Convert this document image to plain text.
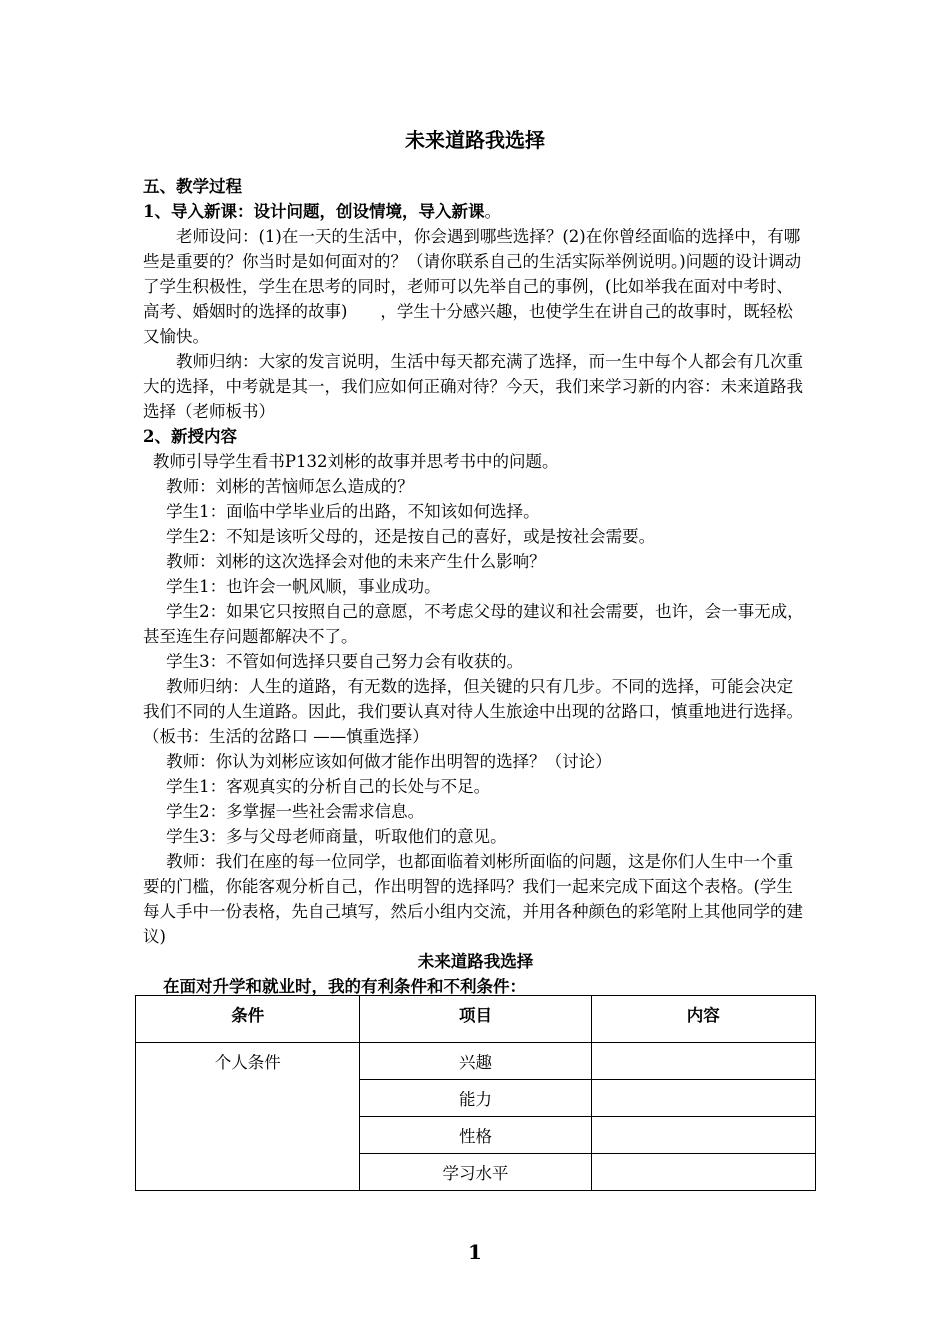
未来道路我选择

五、教学过程

1、导入新课：设计问题，创设情境，导入新课。

老师设问：(1)在一天的生活中，你会遇到哪些选择？(2)在你曾经面临的选择中，有哪些是重要的？你当时是如何面对的？（请你联系自己的生活实际举例说明。)问题的设计调动了学生积极性，学生在思考的同时，老师可以先举自己的事例，(比如举我在面对中考时、高考、婚姻时的选择的故事)　　，学生十分感兴趣，也使学生在讲自己的故事时，既轻松又愉快。

教师归纳：大家的发言说明，生活中每天都充满了选择，而一生中每个人都会有几次重大的选择，中考就是其一，我们应如何正确对待？今天，我们来学习新的内容：未来道路我选择（老师板书）

2、新授内容

教师引导学生看书P132刘彬的故事并思考书中的问题。

教师：刘彬的苦恼师怎么造成的？

学生1：面临中学毕业后的出路，不知该如何选择。

学生2：不知是该听父母的，还是按自己的喜好，或是按社会需要。

教师：刘彬的这次选择会对他的未来产生什么影响？

学生1：也许会一帆风顺，事业成功。

学生2：如果它只按照自己的意愿，不考虑父母的建议和社会需要，也许，会一事无成，甚至连生存问题都解决不了。

学生3：不管如何选择只要自己努力会有收获的。

教师归纳：人生的道路，有无数的选择，但关键的只有几步。不同的选择，可能会决定我们不同的人生道路。因此，我们要认真对待人生旅途中出现的岔路口，慎重地进行选择。（板书：生活的岔路口 ——慎重选择）

教师：你认为刘彬应该如何做才能作出明智的选择？（讨论）

学生1：客观真实的分析自己的长处与不足。

学生2：多掌握一些社会需求信息。

学生3：多与父母老师商量，听取他们的意见。

教师：我们在座的每一位同学，也都面临着刘彬所面临的问题，这是你们人生中一个重要的门槛，你能客观分析自己，作出明智的选择吗？我们一起来完成下面这个表格。(学生每人手中一份表格，先自己填写，然后小组内交流，并用各种颜色的彩笔附上其他同学的建议)

未来道路我选择

在面对升学和就业时，我的有利条件和不利条件：

条件	项目	内容
个人条件	兴趣	
	能力	
	性格	
	学习水平	
1
